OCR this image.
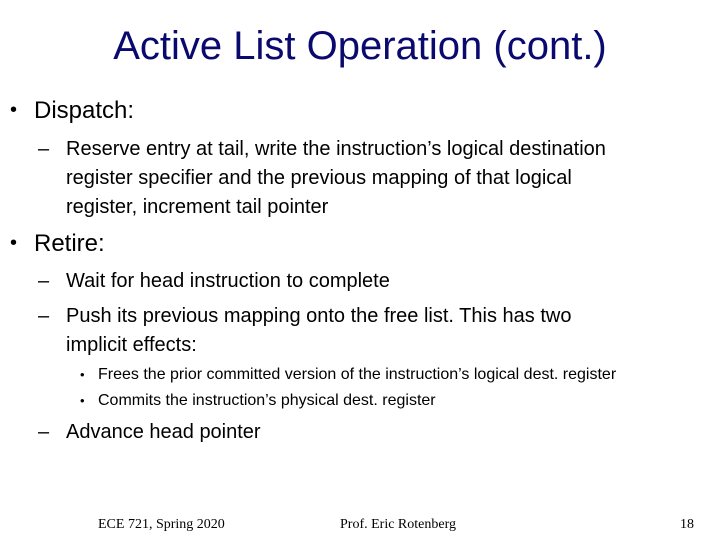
Active List Operation (cont.)
• Dispatch:
– Reserve entry at tail, write the instruction’s logical destination
register specifier and the previous mapping of that logical
register, increment tail pointer
• Retire:
– Wait for head instruction to complete
– Push its previous mapping onto the free list. This has two
implicit effects:
• Frees the prior committed version of the instruction’s logical dest. register
• Commits the instruction’s physical dest. register
– Advance head pointer
ECE 721, Spring 2020	Prof. Eric Rotenberg	18
